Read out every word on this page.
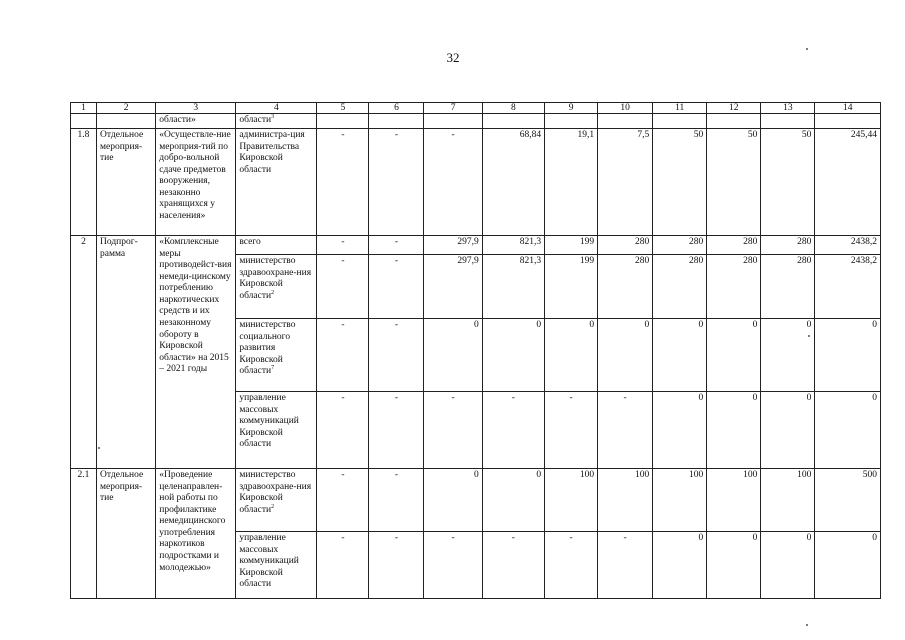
32
1	2	3	4	5	6	7	8	9	10	11	12	13	14
		области»	области$^3$										
1.8	Отдельное мероприя-тие	«Осуществле-ние мероприя-тий по добро-вольной сдаче предметов вооружения, незаконно хранящихся у населения»	администра-ция Правительства Кировской области	-	-	-	68,84	19,1	7,5	50	50	50	245,44
2	Подпрог-рамма	«Комплексные меры противодейст-вия немеди-цинскому потреблению наркотических средств и их незаконному обороту в Кировской области» на 2015 – 2021 годы	всего	-	-	297,9	821,3	199	280	280	280	280	2438,2
			министерство здравоохране-ния Кировской области$^2$	-	-	297,9	821,3	199	280	280	280	280	2438,2
			министерство социального развития Кировской области$^7$	-	-	0	0	0	0	0	0	0	0
			управление массовых коммуникаций Кировской области	-	-	-	-	-	-	0	0	0	0
2.1	Отдельное мероприя-тие	«Проведение целенаправлен-ной работы по профилактике немедицинского употребления наркотиков подростками и молодежью»	министерство здравоохране-ния Кировской области$^2$	-	-	0	0	100	100	100	100	100	500
			управление массовых коммуникаций Кировской области	-	-	-	-	-	-	0	0	0	0
